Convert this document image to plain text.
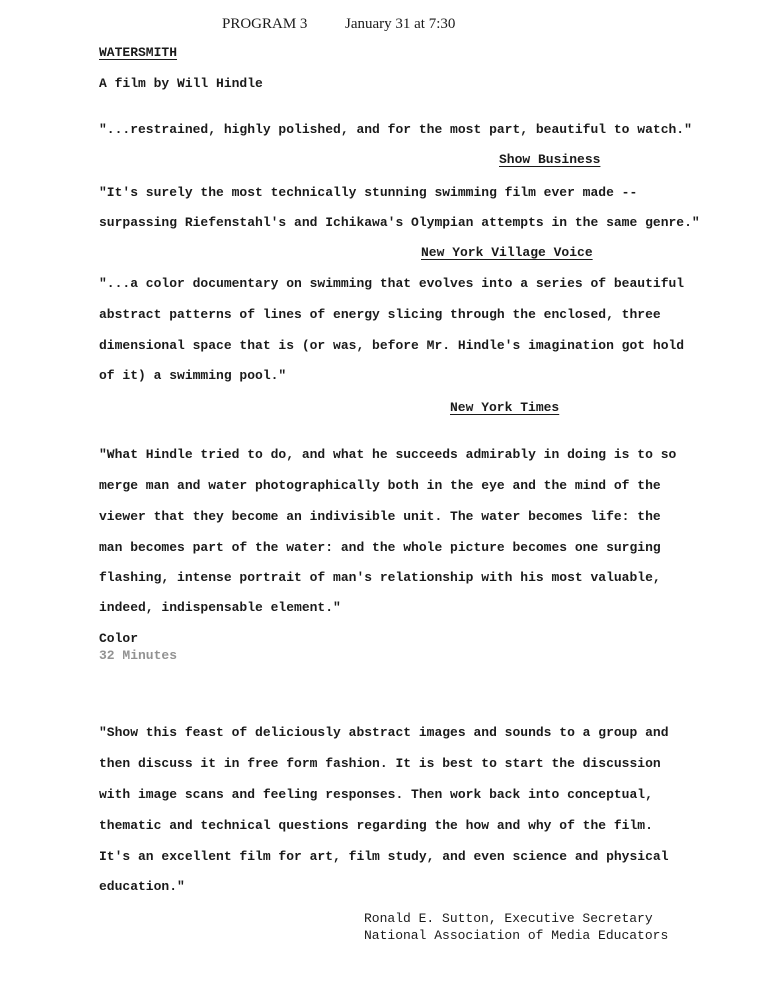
PROGRAM 3	January 31 at 7:30
WATERSMITH
A film by Will Hindle
"...restrained, highly polished, and for the most part, beautiful to watch."
Show Business
"It's surely the most technically stunning swimming film ever made --
surpassing Riefenstahl's and Ichikawa's Olympian attempts in the same genre."
New York Village Voice
"...a color documentary on swimming that evolves into a series of beautiful
abstract patterns of lines of energy slicing through the enclosed, three
dimensional space that is (or was, before Mr. Hindle's imagination got hold
of it) a swimming pool."
New York Times
"What Hindle tried to do, and what he succeeds admirably in doing is to so
merge man and water photographically both in the eye and the mind of the
viewer that they become an indivisible unit. The water becomes life: the
man becomes part of the water: and the whole picture becomes one surging
flashing, intense portrait of man's relationship with his most valuable,
indeed, indispensable element."
Color
32 Minutes
"Show this feast of deliciously abstract images and sounds to a group and
then discuss it in free form fashion. It is best to start the discussion
with image scans and feeling responses. Then work back into conceptual,
thematic and technical questions regarding the how and why of the film.
It's an excellent film for art, film study, and even science and physical
education."
Ronald E. Sutton, Executive Secretary
National Association of Media Educators
